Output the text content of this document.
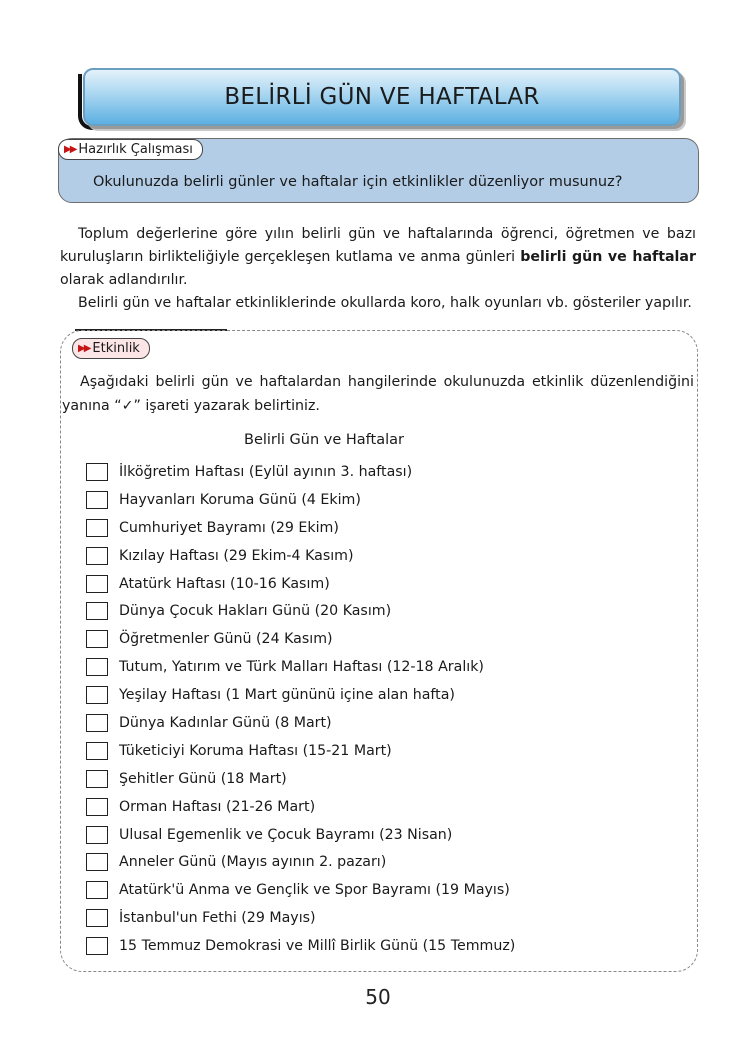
BELİRLİ GÜN VE HAFTALAR
▶▶ Hazırlık Çalışması
Okulunuzda belirli günler ve haftalar için etkinlikler düzenliyor musunuz?

Toplum değerlerine göre yılın belirli gün ve haftalarında öğrenci, öğretmen ve bazı kuruluşların birlikteliğiyle gerçekleşen kutlama ve anma günleri belirli gün ve haftalar olarak adlandırılır.

Belirli gün ve haftalar etkinliklerinde okullarda koro, halk oyunları vb. gösteriler yapılır.

▶▶ Etkinlik

Aşağıdaki belirli gün ve haftalardan hangilerinde okulunuzda etkinlik düzenlendiğini yanına “✓” işareti yazarak belirtiniz.

Belirli Gün ve Haftalar
İlköğretim Haftası (Eylül ayının 3. haftası)
Hayvanları Koruma Günü (4 Ekim)
Cumhuriyet Bayramı (29 Ekim)
Kızılay Haftası (29 Ekim-4 Kasım)
Atatürk Haftası (10-16 Kasım)
Dünya Çocuk Hakları Günü (20 Kasım)
Öğretmenler Günü (24 Kasım)
Tutum, Yatırım ve Türk Malları Haftası (12-18 Aralık)
Yeşilay Haftası (1 Mart gününü içine alan hafta)
Dünya Kadınlar Günü (8 Mart)
Tüketiciyi Koruma Haftası (15-21 Mart)
Şehitler Günü (18 Mart)
Orman Haftası (21-26 Mart)
Ulusal Egemenlik ve Çocuk Bayramı (23 Nisan)
Anneler Günü (Mayıs ayının 2. pazarı)
Atatürk'ü Anma ve Gençlik ve Spor Bayramı (19 Mayıs)
İstanbul'un Fethi (29 Mayıs)
15 Temmuz Demokrasi ve Millî Birlik Günü (15 Temmuz)
50
